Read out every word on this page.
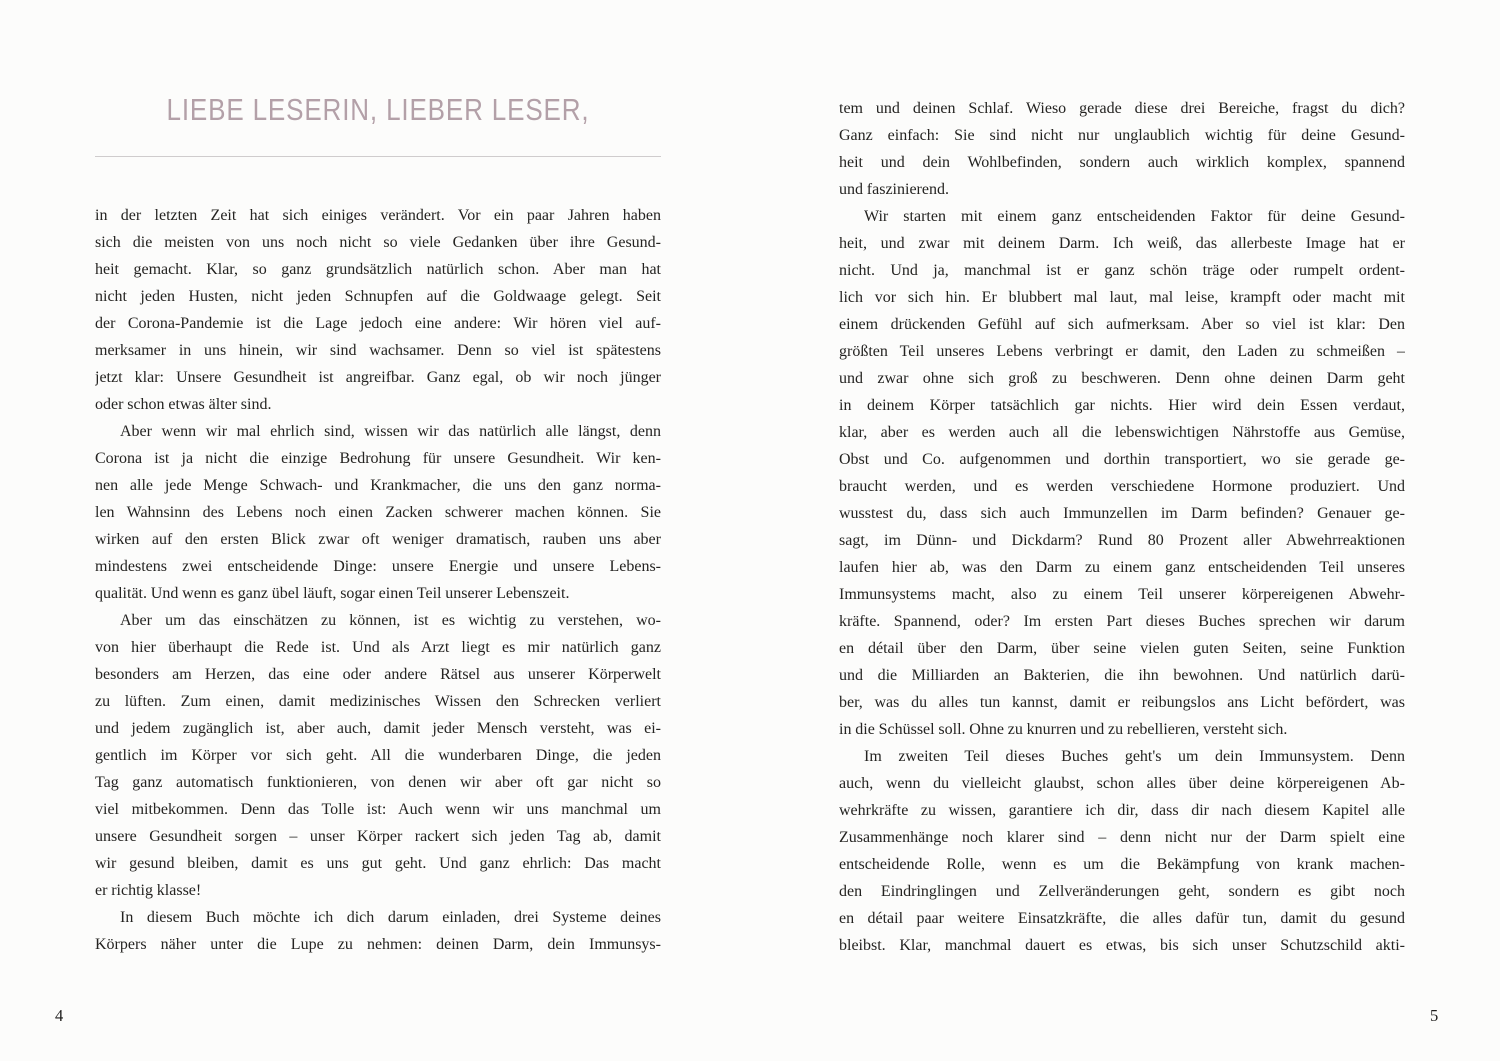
LIEBE LESERIN, LIEBER LESER,
in der letzten Zeit hat sich einiges verändert. Vor ein paar Jahren haben
sich die meisten von uns noch nicht so viele Gedanken über ihre Gesund-
heit gemacht. Klar, so ganz grundsätzlich natürlich schon. Aber man hat
nicht jeden Husten, nicht jeden Schnupfen auf die Goldwaage gelegt. Seit
der Corona-Pandemie ist die Lage jedoch eine andere: Wir hören viel auf-
merksamer in uns hinein, wir sind wachsamer. Denn so viel ist spätestens
jetzt klar: Unsere Gesundheit ist angreifbar. Ganz egal, ob wir noch jünger
oder schon etwas älter sind.
Aber wenn wir mal ehrlich sind, wissen wir das natürlich alle längst, denn
Corona ist ja nicht die einzige Bedrohung für unsere Gesundheit. Wir ken-
nen alle jede Menge Schwach- und Krankmacher, die uns den ganz norma-
len Wahnsinn des Lebens noch einen Zacken schwerer machen können. Sie
wirken auf den ersten Blick zwar oft weniger dramatisch, rauben uns aber
mindestens zwei entscheidende Dinge: unsere Energie und unsere Lebens-
qualität. Und wenn es ganz übel läuft, sogar einen Teil unserer Lebenszeit.
Aber um das einschätzen zu können, ist es wichtig zu verstehen, wo-
von hier überhaupt die Rede ist. Und als Arzt liegt es mir natürlich ganz
besonders am Herzen, das eine oder andere Rätsel aus unserer Körperwelt
zu lüften. Zum einen, damit medizinisches Wissen den Schrecken verliert
und jedem zugänglich ist, aber auch, damit jeder Mensch versteht, was ei-
gentlich im Körper vor sich geht. All die wunderbaren Dinge, die jeden
Tag ganz automatisch funktionieren, von denen wir aber oft gar nicht so
viel mitbekommen. Denn das Tolle ist: Auch wenn wir uns manchmal um
unsere Gesundheit sorgen – unser Körper rackert sich jeden Tag ab, damit
wir gesund bleiben, damit es uns gut geht. Und ganz ehrlich: Das macht
er richtig klasse!
In diesem Buch möchte ich dich darum einladen, drei Systeme deines
Körpers näher unter die Lupe zu nehmen: deinen Darm, dein Immunsys-
tem und deinen Schlaf. Wieso gerade diese drei Bereiche, fragst du dich?
Ganz einfach: Sie sind nicht nur unglaublich wichtig für deine Gesund-
heit und dein Wohlbefinden, sondern auch wirklich komplex, spannend
und faszinierend.
Wir starten mit einem ganz entscheidenden Faktor für deine Gesund-
heit, und zwar mit deinem Darm. Ich weiß, das allerbeste Image hat er
nicht. Und ja, manchmal ist er ganz schön träge oder rumpelt ordent-
lich vor sich hin. Er blubbert mal laut, mal leise, krampft oder macht mit
einem drückenden Gefühl auf sich aufmerksam. Aber so viel ist klar: Den
größten Teil unseres Lebens verbringt er damit, den Laden zu schmeißen –
und zwar ohne sich groß zu beschweren. Denn ohne deinen Darm geht
in deinem Körper tatsächlich gar nichts. Hier wird dein Essen verdaut,
klar, aber es werden auch all die lebenswichtigen Nährstoffe aus Gemüse,
Obst und Co. aufgenommen und dorthin transportiert, wo sie gerade ge-
braucht werden, und es werden verschiedene Hormone produziert. Und
wusstest du, dass sich auch Immunzellen im Darm befinden? Genauer ge-
sagt, im Dünn- und Dickdarm? Rund 80 Prozent aller Abwehrreaktionen
laufen hier ab, was den Darm zu einem ganz entscheidenden Teil unseres
Immunsystems macht, also zu einem Teil unserer körpereigenen Abwehr-
kräfte. Spannend, oder? Im ersten Part dieses Buches sprechen wir darum
en détail über den Darm, über seine vielen guten Seiten, seine Funktion
und die Milliarden an Bakterien, die ihn bewohnen. Und natürlich darü-
ber, was du alles tun kannst, damit er reibungslos ans Licht befördert, was
in die Schüssel soll. Ohne zu knurren und zu rebellieren, versteht sich.
Im zweiten Teil dieses Buches geht's um dein Immunsystem. Denn
auch, wenn du vielleicht glaubst, schon alles über deine körpereigenen Ab-
wehrkräfte zu wissen, garantiere ich dir, dass dir nach diesem Kapitel alle
Zusammenhänge noch klarer sind – denn nicht nur der Darm spielt eine
entscheidende Rolle, wenn es um die Bekämpfung von krank machen-
den Eindringlingen und Zellveränderungen geht, sondern es gibt noch
en détail paar weitere Einsatzkräfte, die alles dafür tun, damit du gesund
bleibst. Klar, manchmal dauert es etwas, bis sich unser Schutzschild akti-
4	5
